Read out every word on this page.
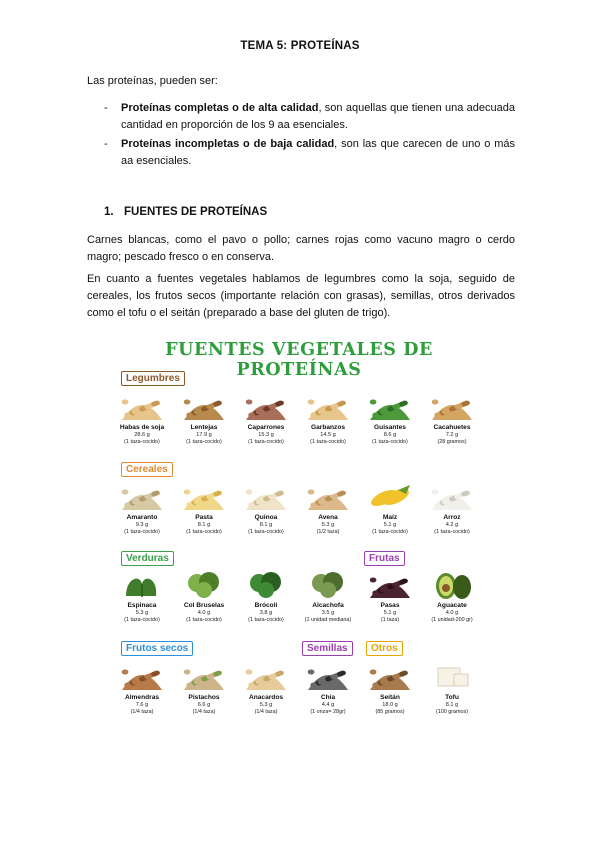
TEMA 5: PROTEÍNAS
Las proteínas, pueden ser:
- Proteínas completas o de alta calidad, son aquellas que tienen una adecuada cantidad en proporción de los 9 aa esenciales.
- Proteínas incompletas o de baja calidad, son las que carecen de uno o más aa esenciales.
1. FUENTES DE PROTEÍNAS
Carnes blancas, como el pavo o pollo; carnes rojas como vacuno magro o cerdo magro; pescado fresco o en conserva.
En cuanto a fuentes vegetales hablamos de legumbres como la soja, seguido de cereales, los frutos secos (importante relación con grasas), semillas, otros derivados como el tofu o el seitán (preparado a base del gluten de trigo).
FUENTES VEGETALES DE PROTEÍNAS
Legumbres
Cereales
Verduras	Frutas
Frutos secos	Semillas	Otros
Habas de soja
28.6 g
(1 taza-cocido)
Lentejas
17.9 g
(1 taza-cocido)
Caparrones
15.3 g
(1 taza-cocido)
Garbanzos
14.5 g
(1 taza-cocido)
Guisantes
8.6 g
(1 taza-cocido)
Cacahuetes
7.2 g
(28 gramos)
Amaranto
9.3 g
(1 taza-cocido)
Pasta
8.1 g
(1 taza-cocido)
Quinoa
8.1 g
(1 taza-cocido)
Avena
5.3 g
(1/2 taza)
Maíz
5.1 g
(1 taza-cocido)
Arroz
4.2 g
(1 taza-cocido)
Espinaca
5.3 g
(1 taza-cocido)
Col Bruselas
4.0 g
(1 taza-cocido)
Brócoli
3.8 g
(1 taza-cocido)
Alcachofa
3.5 g
(1 unidad mediana)
Pasas
5.1 g
(1 taza)
Aguacate
4.0 g
(1 unidad-200 gr)
Almendras
7.6 g
(1/4 taza)
Pistachos
6.6 g
(1/4 taza)
Anacardos
5.3 g
(1/4 taza)
Chía
4.4 g
(1 onza= 28gr)
Seitán
18.0 g
(85 gramos)
Tofu
8.1 g
(100 gramos)
